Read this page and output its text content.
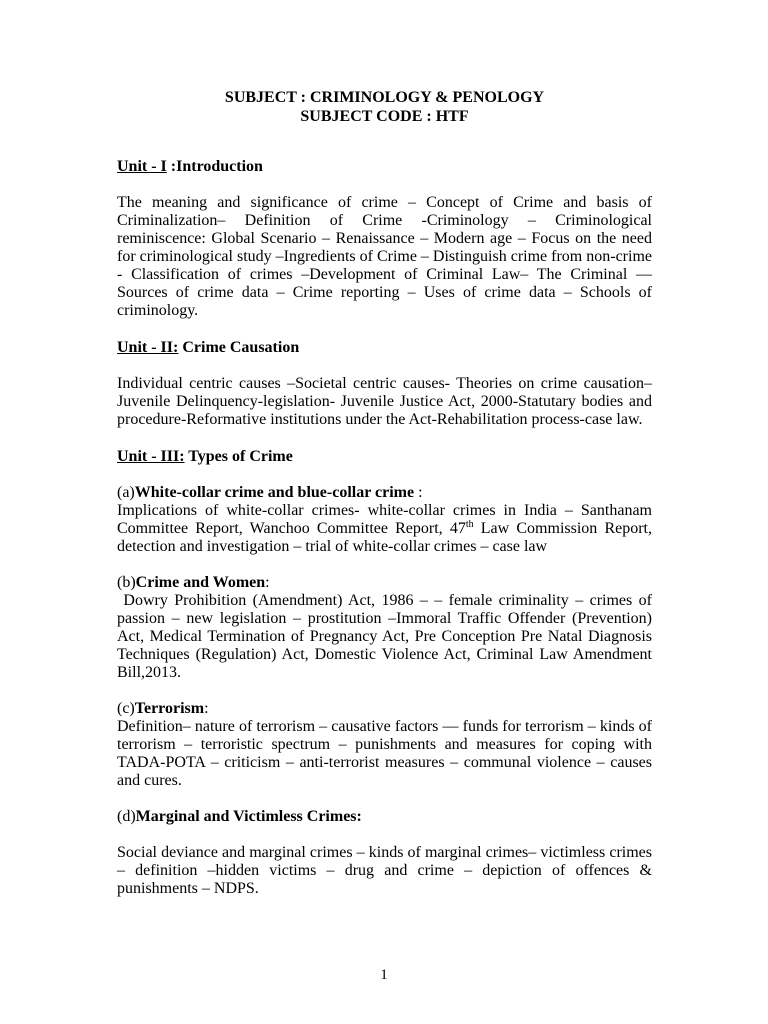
SUBJECT : CRIMINOLOGY & PENOLOGY
SUBJECT CODE : HTF
Unit - I :Introduction

The meaning and significance of crime – Concept of Crime and basis of Criminalization– Definition of Crime -Criminology – Criminological reminiscence: Global Scenario – Renaissance – Modern age – Focus on the need for criminological study –Ingredients of Crime – Distinguish crime from non-crime - Classification of crimes –Development of Criminal Law– The Criminal –– Sources of crime data – Crime reporting – Uses of crime data – Schools of criminology.

Unit - II: Crime Causation

Individual centric causes –Societal centric causes- Theories on crime causation– Juvenile Delinquency-legislation- Juvenile Justice Act, 2000-Statutary bodies and procedure-Reformative institutions under the Act-Rehabilitation process-case law.

Unit - III: Types of Crime
(a)White-collar crime and blue-collar crime :

Implications of white-collar crimes- white-collar crimes in India – Santhanam Committee Report, Wanchoo Committee Report, 47th Law Commission Report, detection and investigation – trial of white-collar crimes – case law

(b)Crime and Women:

Dowry Prohibition (Amendment) Act, 1986 – – female criminality – crimes of passion – new legislation – prostitution –Immoral Traffic Offender (Prevention) Act, Medical Termination of Pregnancy Act, Pre Conception Pre Natal Diagnosis Techniques (Regulation) Act, Domestic Violence Act, Criminal Law Amendment Bill,2013.

(c)Terrorism:

Definition– nature of terrorism – causative factors –– funds for terrorism – kinds of terrorism – terroristic spectrum – punishments and measures for coping with TADA-POTA – criticism – anti-terrorist measures – communal violence – causes and cures.

(d)Marginal and Victimless Crimes:

Social deviance and marginal crimes – kinds of marginal crimes– victimless crimes – definition –hidden victims – drug and crime – depiction of offences & punishments – NDPS.

1
